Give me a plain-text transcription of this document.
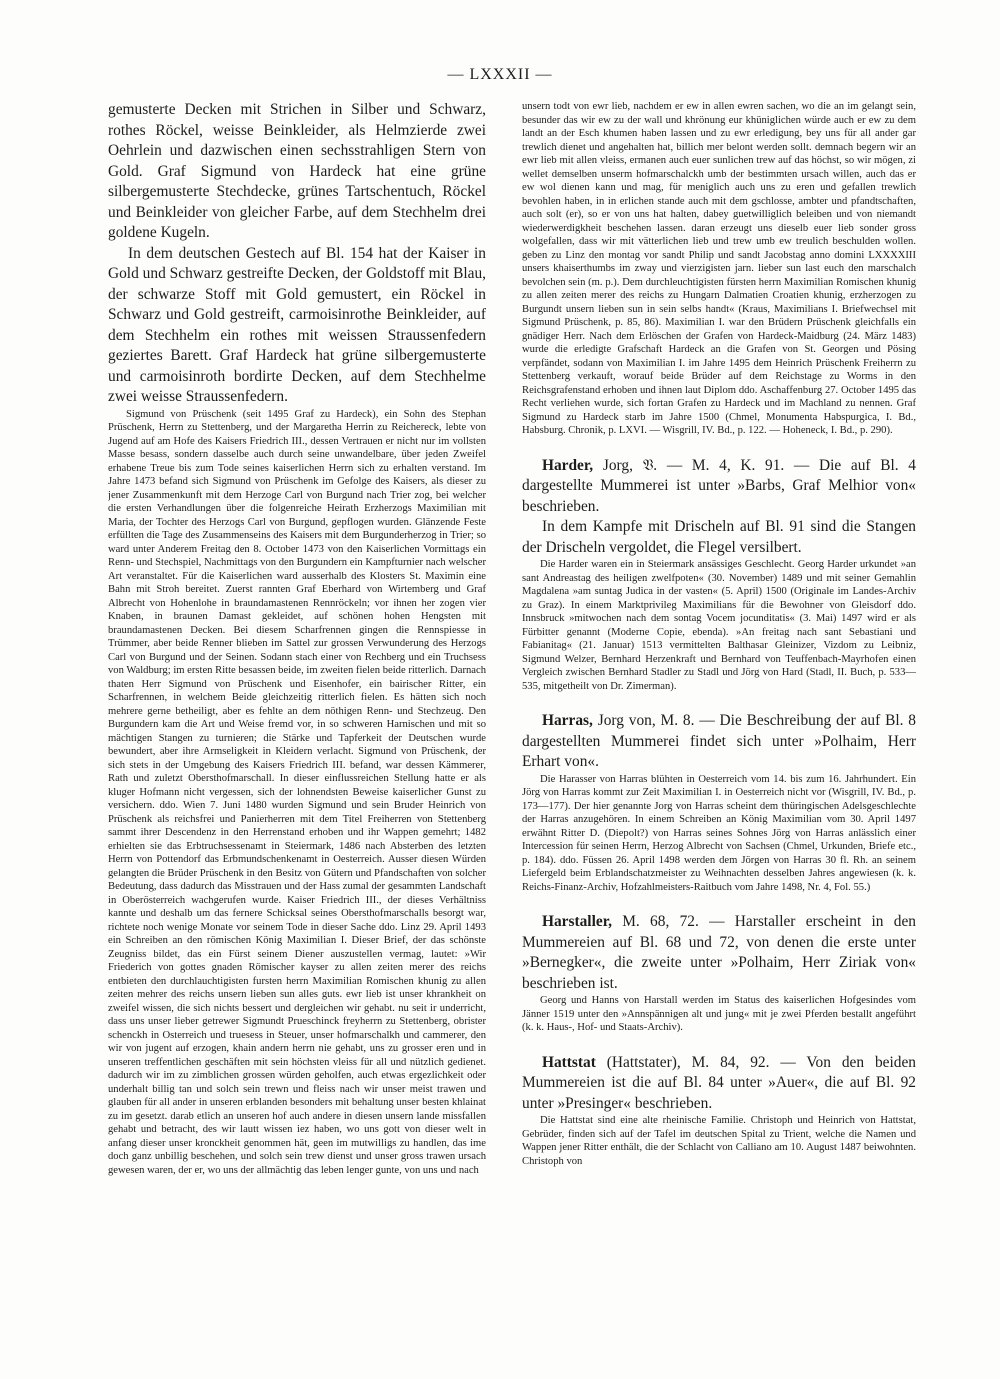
— LXXXII —

gemusterte Decken mit Strichen in Silber und Schwarz, rothes Röckel, weisse Beinkleider, als Helmzierde zwei Oehrlein und dazwischen einen sechsstrahligen Stern von Gold. Graf Sigmund von Hardeck hat eine grüne silbergemusterte Stechdecke, grünes Tartschentuch, Röckel und Beinkleider von gleicher Farbe, auf dem Stechhelm drei goldene Kugeln.

In dem deutschen Gestech auf Bl. 154 hat der Kaiser in Gold und Schwarz gestreifte Decken, der Goldstoff mit Blau, der schwarze Stoff mit Gold gemustert, ein Röckel in Schwarz und Gold gestreift, carmoisinrothe Beinkleider, auf dem Stechhelm ein rothes mit weissen Straussenfedern geziertes Barett. Graf Hardeck hat grüne silbergemusterte und carmoisinroth bordirte Decken, auf dem Stechhelme zwei weisse Straussenfedern.

Sigmund von Prüschenk (seit 1495 Graf zu Hardeck), ein Sohn des Stephan Prüschenk, Herrn zu Stettenberg, und der Margaretha Herrin zu Reichereck, lebte von Jugend auf am Hofe des Kaisers Friedrich III., dessen Vertrauen er nicht nur im vollsten Masse besass, sondern dasselbe auch durch seine unwandelbare, über jeden Zweifel erhabene Treue bis zum Tode seines kaiserlichen Herrn sich zu erhalten verstand. Im Jahre 1473 befand sich Sigmund von Prüschenk im Gefolge des Kaisers, als dieser zu jener Zusammenkunft mit dem Herzoge Carl von Burgund nach Trier zog, bei welcher die ersten Verhandlungen über die folgenreiche Heirath Erzherzogs Maximilian mit Maria, der Tochter des Herzogs Carl von Burgund, gepflogen wurden. Glänzende Feste erfüllten die Tage des Zusammenseins des Kaisers mit dem Burgunderherzog in Trier; so ward unter Anderem Freitag den 8. October 1473 von den Kaiserlichen Vormittags ein Renn- und Stechspiel, Nachmittags von den Burgundern ein Kampfturnier nach welscher Art veranstaltet. Für die Kaiserlichen ward ausserhalb des Klosters St. Maximin eine Bahn mit Stroh bereitet. Zuerst rannten Graf Eberhard von Wirtemberg und Graf Albrecht von Hohenlohe in braundamastenen Rennröckeln; vor ihnen her zogen vier Knaben, in braunen Damast gekleidet, auf schönen hohen Hengsten mit braundamastenen Decken. Bei diesem Scharfrennen gingen die Rennspiesse in Trümmer, aber beide Renner blieben im Sattel zur grossen Verwunderung des Herzogs Carl von Burgund und der Seinen. Sodann stach einer von Rechberg und ein Truchsess von Waldburg; im ersten Ritte besassen beide, im zweiten fielen beide ritterlich. Darnach thaten Herr Sigmund von Prüschenk und Eisenhofer, ein bairischer Ritter, ein Scharfrennen, in welchem Beide gleichzeitig ritterlich fielen. Es hätten sich noch mehrere gerne betheiligt, aber es fehlte an dem nöthigen Renn- und Stechzeug. Den Burgundern kam die Art und Weise fremd vor, in so schweren Harnischen und mit so mächtigen Stangen zu turnieren; die Stärke und Tapferkeit der Deutschen wurde bewundert, aber ihre Armseligkeit in Kleidern verlacht. Sigmund von Prüschenk, der sich stets in der Umgebung des Kaisers Friedrich III. befand, war dessen Kämmerer, Rath und zuletzt Obersthofmarschall. In dieser einflussreichen Stellung hatte er als kluger Hofmann nicht vergessen, sich der lohnendsten Beweise kaiserlicher Gunst zu versichern. ddo. Wien 7. Juni 1480 wurden Sigmund und sein Bruder Heinrich von Prüschenk als reichsfrei und Panierherren mit dem Titel Freiherren von Stettenberg sammt ihrer Descendenz in den Herrenstand erhoben und ihr Wappen gemehrt; 1482 erhielten sie das Erbtruchsessenamt in Steiermark, 1486 nach Absterben des letzten Herrn von Pottendorf das Erbmundschenkenamt in Oesterreich. Ausser diesen Würden gelangten die Brüder Prüschenk in den Besitz von Gütern und Pfandschaften von solcher Bedeutung, dass dadurch das Misstrauen und der Hass zumal der gesammten Landschaft in Oberösterreich wachgerufen wurde. Kaiser Friedrich III., der dieses Verhältniss kannte und deshalb um das fernere Schicksal seines Obersthofmarschalls besorgt war, richtete noch wenige Monate vor seinem Tode in dieser Sache ddo. Linz 29. April 1493 ein Schreiben an den römischen König Maximilian I. Dieser Brief, der das schönste Zeugniss bildet, das ein Fürst seinem Diener auszustellen vermag, lautet: »Wir Friederich von gottes gnaden Römischer kayser zu allen zeiten merer des reichs entbieten den durchlauchtigisten fursten herrn Maximilian Romischen khunig zu allen zeiten mehrer des reichs unsern lieben sun alles guts. ewr lieb ist unser khrankheit on zweifel wissen, die sich nichts bessert und dergleichen wir gehabt. nu seit ir underricht, dass uns unser lieber getrewer Sigmundt Prueschinck freyherrn zu Stettenberg, obrister schenckh in Osterreich und truesess in Steuer, unser hofmarschalkh und cammerer, den wir von jugent auf erzogen, khain andern herrn nie gehabt, uns zu grosser eren und in unseren treffentlichen geschäften mit sein höchsten vleiss für all und nützlich gedienet. dadurch wir im zu zimblichen grossen würden geholfen, auch etwas ergezlichkeit oder underhalt billig tan und solch sein trewn und fleiss nach wir unser meist trawen und glauben für all ander in unseren erblanden besonders mit behaltung unser besten khlainat zu im gesetzt. darab etlich an unseren hof auch andere in diesen unsern lande missfallen gehabt und betracht, des wir lautt wissen iez haben, wo uns gott von dieser welt in anfang dieser unser kronckheit genommen hät, geen im mutwilligs zu handlen, das ime doch ganz unbillig beschehen, und solch sein trew dienst und unser gross trawen ursach gewesen waren, der er, wo uns der allmächtig das leben lenger gunte, von uns und nach

unsern todt von ewr lieb, nachdem er ew in allen ewren sachen, wo die an im gelangt sein, besunder das wir ew zu der wall und khrönung eur khüniglichen würde auch er ew zu dem landt an der Esch khumen haben lassen und zu ewr erledigung, bey uns für all ander gar trewlich dienet und angehalten hat, billich mer belont werden sollt. demnach begern wir an ewr lieb mit allen vleiss, ermanen auch euer sunlichen trew auf das höchst, so wir mögen, zi wellet demselben unserm hofmarschalckh umb der bestimmten ursach willen, auch das er ew wol dienen kann und mag, für meniglich auch uns zu eren und gefallen trewlich bevohlen haben, in in erlichen stande auch mit dem gschlosse, ambter und pfandtschaften, auch solt (er), so er von uns hat halten, dabey guetwilliglich beleiben und von niemandt wiederwerdigkheit beschehen lassen. daran erzeugt uns dieselb euer lieb sonder gross wolgefallen, dass wir mit vätterlichen lieb und trew umb ew treulich beschulden wollen. geben zu Linz den montag vor sandt Philip und sandt Jacobstag anno domini LXXXXIII unsers khaiserthumbs im zway und vierzigisten jarn. lieber sun last euch den marschalch bevolchen sein (m. p.). Dem durchleuchtigisten fürsten herrn Maximilian Romischen khunig zu allen zeiten merer des reichs zu Hungarn Dalmatien Croatien khunig, erzherzogen zu Burgundt unsern lieben sun in sein selbs handt« (Kraus, Maximilians I. Briefwechsel mit Sigmund Prüschenk, p. 85, 86). Maximilian I. war den Brüdern Prüschenk gleichfalls ein gnädiger Herr. Nach dem Erlöschen der Grafen von Hardeck-Maidburg (24. März 1483) wurde die erledigte Grafschaft Hardeck an die Grafen von St. Georgen und Pösing verpfändet, sodann von Maximilian I. im Jahre 1495 dem Heinrich Prüschenk Freiherrn zu Stettenberg verkauft, worauf beide Brüder auf dem Reichstage zu Worms in den Reichsgrafenstand erhoben und ihnen laut Diplom ddo. Aschaffenburg 27. October 1495 das Recht verliehen wurde, sich fortan Grafen zu Hardeck und im Machland zu nennen. Graf Sigmund zu Hardeck starb im Jahre 1500 (Chmel, Monumenta Habspurgica, I. Bd., Habsburg. Chronik, p. LXVI. — Wisgrill, IV. Bd., p. 122. — Hoheneck, I. Bd., p. 290).

Harder, Jorg, 𝔙. — M. 4, K. 91. — Die auf Bl. 4 dargestellte Mummerei ist unter »Barbs, Graf Melhior von« beschrieben.

In dem Kampfe mit Drischeln auf Bl. 91 sind die Stangen der Drischeln vergoldet, die Flegel versilbert.

Die Harder waren ein in Steiermark ansässiges Geschlecht. Georg Harder urkundet »an sant Andreastag des heiligen zwelfpoten« (30. November) 1489 und mit seiner Gemahlin Magdalena »am suntag Judica in der vasten« (5. April) 1500 (Originale im Landes-Archiv zu Graz). In einem Marktprivileg Maximilians für die Bewohner von Gleisdorf ddo. Innsbruck »mitwochen nach dem sontag Vocem jocunditatis« (3. Mai) 1497 wird er als Fürbitter genannt (Moderne Copie, ebenda). »An freitag nach sant Sebastiani und Fabianitag« (21. Januar) 1513 vermittelten Balthasar Gleinizer, Vizdom zu Leibniz, Sigmund Welzer, Bernhard Herzenkraft und Bernhard von Teuffenbach-Mayrhofen einen Vergleich zwischen Bernhard Stadler zu Stadl und Jörg von Hard (Stadl, II. Buch, p. 533—535, mitgetheilt von Dr. Zimerman).

Harras, Jorg von, M. 8. — Die Beschreibung der auf Bl. 8 dargestellten Mummerei findet sich unter »Polhaim, Herr Erhart von«.

Die Harasser von Harras blühten in Oesterreich vom 14. bis zum 16. Jahrhundert. Ein Jörg von Harras kommt zur Zeit Maximilian I. in Oesterreich nicht vor (Wisgrill, IV. Bd., p. 173—177). Der hier genannte Jorg von Harras scheint dem thüringischen Adelsgeschlechte der Harras anzugehören. In einem Schreiben an König Maximilian vom 30. April 1497 erwähnt Ritter D. (Diepolt?) von Harras seines Sohnes Jörg von Harras anlässlich einer Intercession für seinen Herrn, Herzog Albrecht von Sachsen (Chmel, Urkunden, Briefe etc., p. 184). ddo. Füssen 26. April 1498 werden dem Jörgen von Harras 30 fl. Rh. an seinem Liefergeld beim Erblandschatzmeister zu Weihnachten desselben Jahres angewiesen (k. k. Reichs-Finanz-Archiv, Hofzahlmeisters-Raitbuch vom Jahre 1498, Nr. 4, Fol. 55.)

Harstaller, M. 68, 72. — Harstaller erscheint in den Mummereien auf Bl. 68 und 72, von denen die erste unter »Bernegker«, die zweite unter »Polhaim, Herr Ziriak von« beschrieben ist.

Georg und Hanns von Harstall werden im Status des kaiserlichen Hofgesindes vom Jänner 1519 unter den »Annspännigen alt und jung« mit je zwei Pferden bestallt angeführt (k. k. Haus-, Hof- und Staats-Archiv).

Hattstat (Hattstater), M. 84, 92. — Von den beiden Mummereien ist die auf Bl. 84 unter »Auer«, die auf Bl. 92 unter »Presinger« beschrieben.

Die Hattstat sind eine alte rheinische Familie. Christoph und Heinrich von Hattstat, Gebrüder, finden sich auf der Tafel im deutschen Spital zu Trient, welche die Namen und Wappen jener Ritter enthält, die der Schlacht von Calliano am 10. August 1487 beiwohnten. Christoph von
